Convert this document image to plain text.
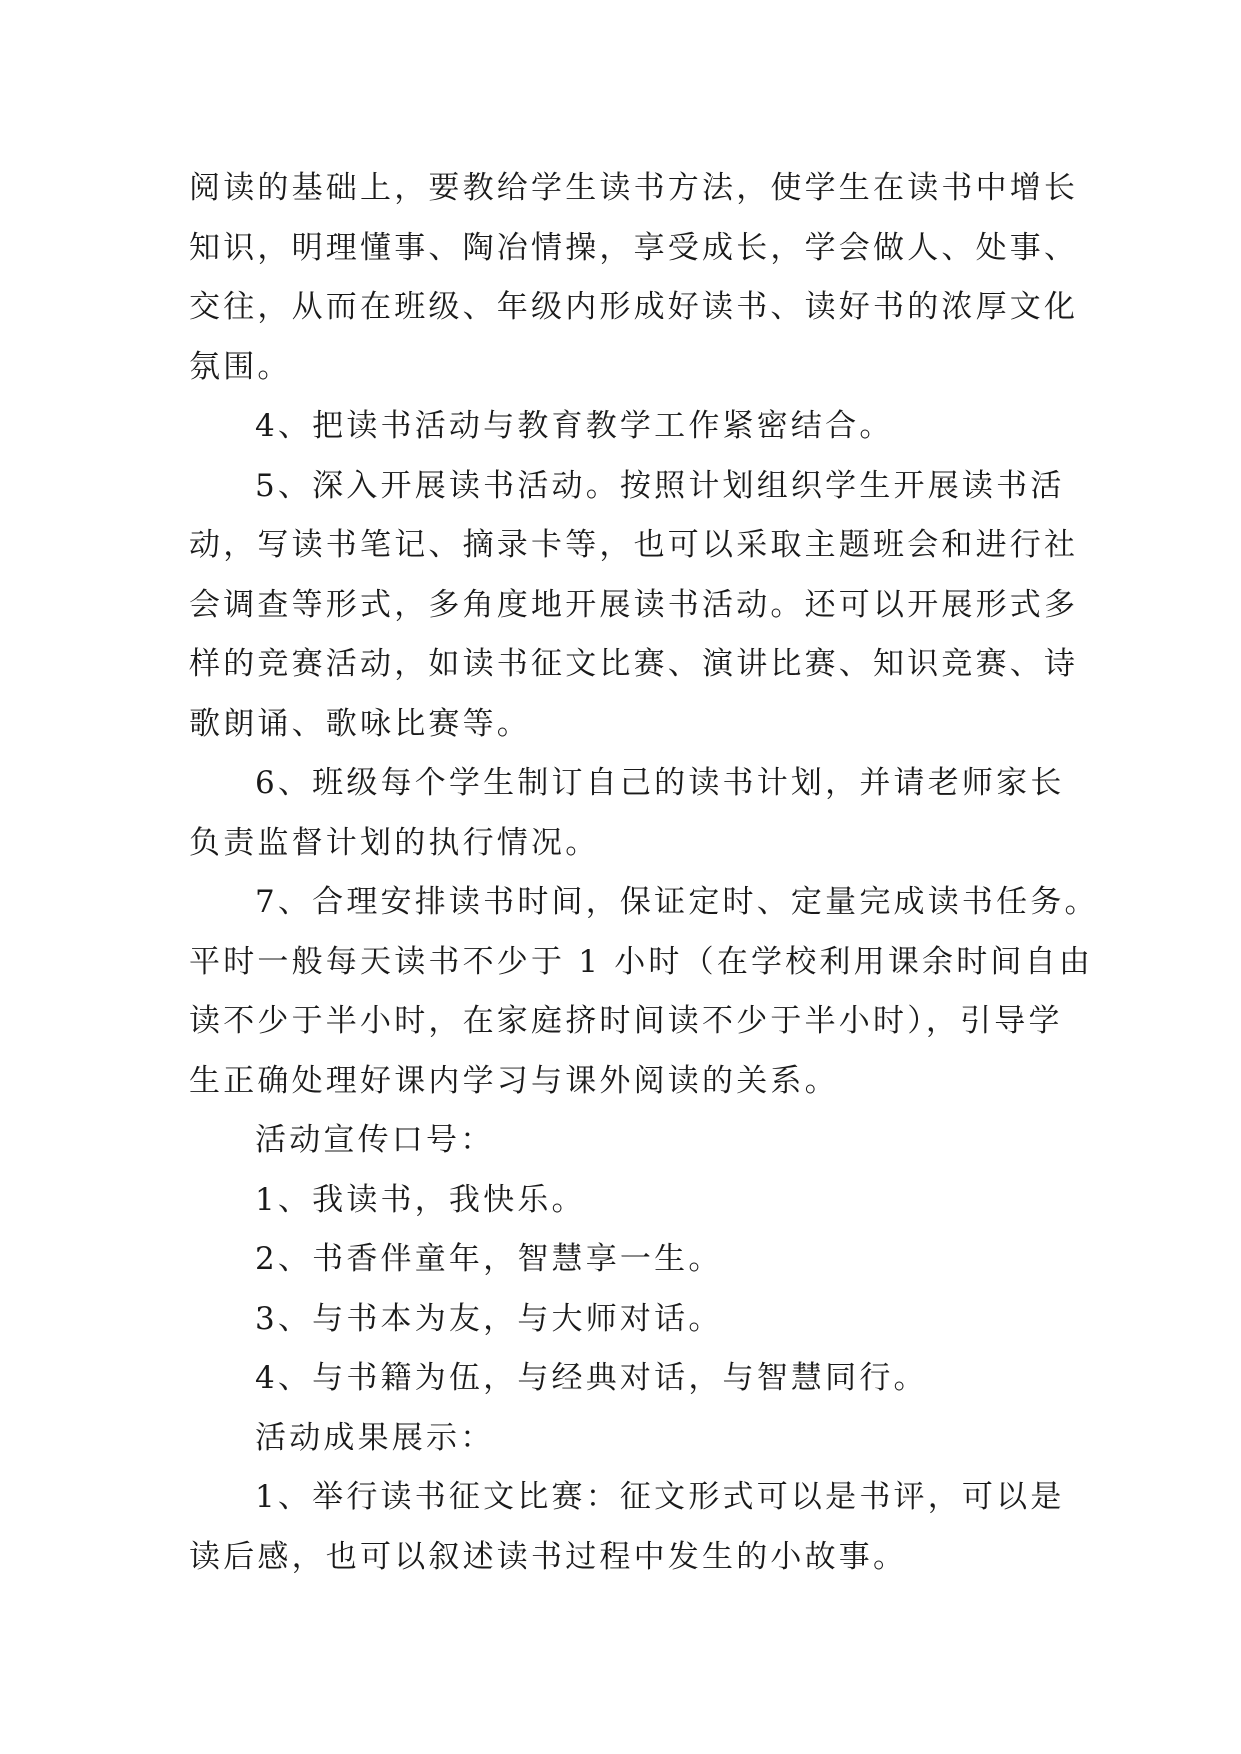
阅读的基础上，要教给学生读书方法，使学生在读书中增长
知识，明理懂事、陶冶情操，享受成长，学会做人、处事、
交往，从而在班级、年级内形成好读书、读好书的浓厚文化
氛围。

4、把读书活动与教育教学工作紧密结合。

5、深入开展读书活动。按照计划组织学生开展读书活
动，写读书笔记、摘录卡等，也可以采取主题班会和进行社
会调查等形式，多角度地开展读书活动。还可以开展形式多
样的竞赛活动，如读书征文比赛、演讲比赛、知识竞赛、诗
歌朗诵、歌咏比赛等。

6、班级每个学生制订自己的读书计划，并请老师家长
负责监督计划的执行情况。

7、合理安排读书时间，保证定时、定量完成读书任务。
平时一般每天读书不少于 1 小时（在学校利用课余时间自由
读不少于半小时，在家庭挤时间读不少于半小时），引导学
生正确处理好课内学习与课外阅读的关系。

活动宣传口号：

1、我读书，我快乐。

2、书香伴童年，智慧享一生。

3、与书本为友，与大师对话。

4、与书籍为伍，与经典对话，与智慧同行。

活动成果展示：

1、举行读书征文比赛：征文形式可以是书评，可以是
读后感，也可以叙述读书过程中发生的小故事。
